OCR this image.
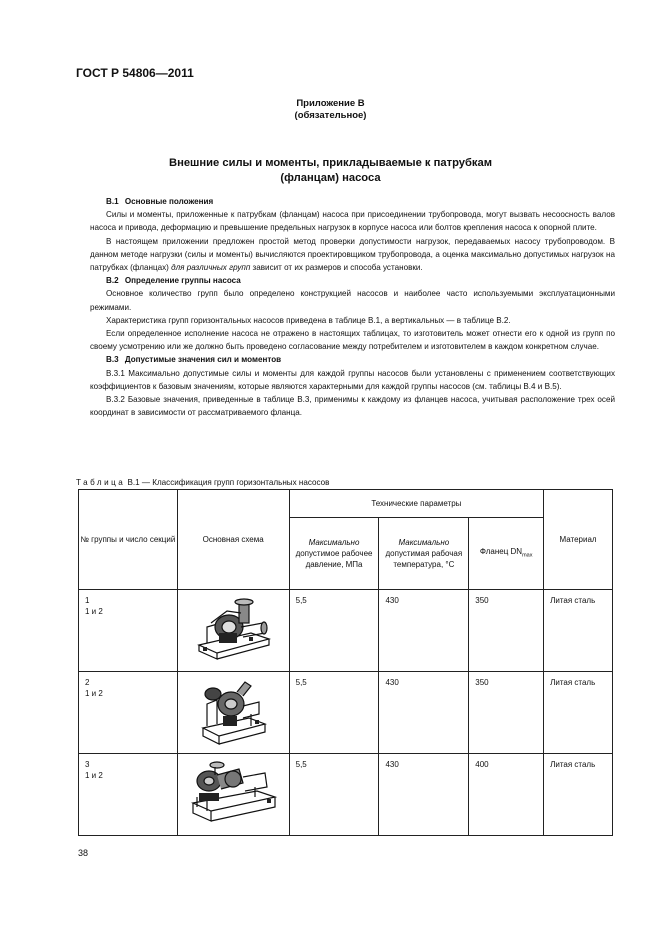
ГОСТ Р 54806—2011
Приложение В
(обязательное)
Внешние силы и моменты, прикладываемые к патрубкам
(фланцам) насоса

В.1 Основные положения

Силы и моменты, приложенные к патрубкам (фланцам) насоса при присоединении трубопровода, могут вызвать несоосность валов насоса и привода, деформацию и превышение предельных нагрузок в корпусе насоса или болтов крепления насоса к опорной плите.

В настоящем приложении предложен простой метод проверки допустимости нагрузок, передаваемых насосу трубопроводом. В данном методе нагрузки (силы и моменты) вычисляются проектировщиком трубопровода, а оценка максимально допустимых нагрузок на патрубках (фланцах) для различных групп зависит от их размеров и способа установки.

В.2 Определение группы насоса

Основное количество групп было определено конструкцией насосов и наиболее часто используемыми эксплуатационными режимами.

Характеристика групп горизонтальных насосов приведена в таблице В.1, а вертикальных — в таблице В.2.

Если определенное исполнение насоса не отражено в настоящих таблицах, то изготовитель может отнести его к одной из групп по своему усмотрению или же должно быть проведено согласование между потребителем и изготовителем в каждом конкретном случае.

В.3 Допустимые значения сил и моментов

В.3.1 Максимально допустимые силы и моменты для каждой группы насосов были установлены с применением соответствующих коэффициентов к базовым значениям, которые являются характерными для каждой группы насосов (см. таблицы В.4 и В.5).

В.3.2 Базовые значения, приведенные в таблице В.3, применимы к каждому из фланцев насоса, учитывая расположение трех осей координат в зависимости от рассматриваемого фланца.

Таблица В.1 — Классификация групп горизонтальных насосов
№ группы и число секций	Основная схема	Технические параметры			Материал
		Максимально
допустимое рабочее давление, МПа	Максимально
допустимая рабочая температура, °С	Фланец $DN_{max}$

1
1 и 2		5,5	430	350	Литая сталь

2
1 и 2		5,5	430	350	Литая сталь

3
1 и 2		5,5	430	400	Литая сталь
38
